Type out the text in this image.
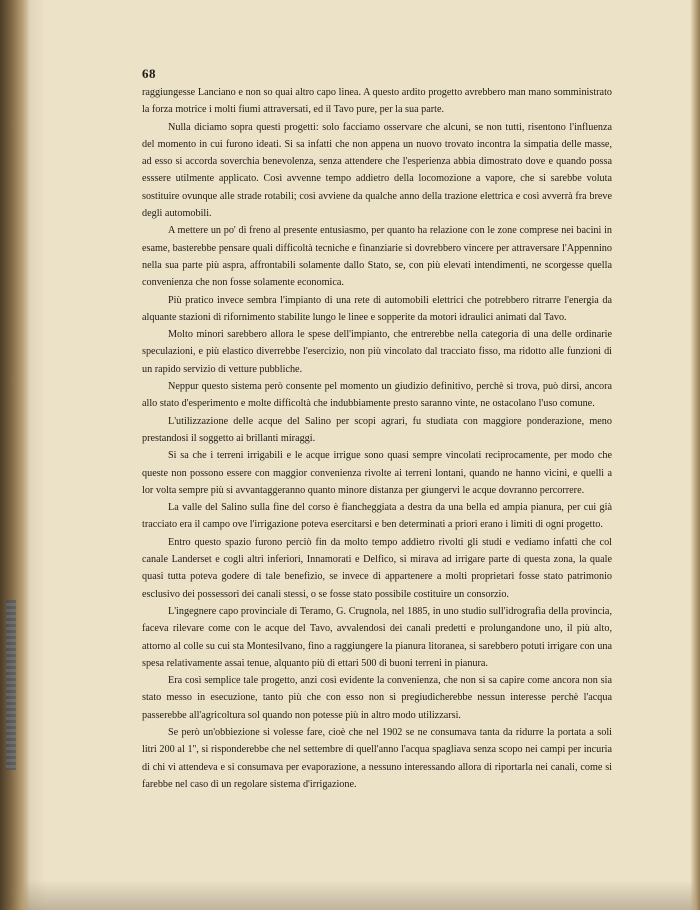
68

raggiungesse Lanciano e non so quai altro capo linea. A questo ardito progetto avrebbero man mano somministrato la forza motrice i molti fiumi attraversati, ed il Tavo pure, per la sua parte.

Nulla diciamo sopra questi progetti: solo facciamo osservare che alcuni, se non tutti, risentono l'influenza del momento in cui furono ideati. Si sa infatti che non appena un nuovo trovato incontra la simpatia delle masse, ad esso si accorda soverchia benevolenza, senza attendere che l'esperienza abbia dimostrato dove e quando possa esssere utilmente applicato. Così avvenne tempo addietro della locomozione a vapore, che si sarebbe voluta sostituire ovunque alle strade rotabili; così avviene da qualche anno della trazione elettrica e così avverrà fra breve degli automobili.

A mettere un po' di freno al presente entusiasmo, per quanto ha relazione con le zone comprese nei bacini in esame, basterebbe pensare quali difficoltà tecniche e finanziarie si dovrebbero vincere per attraversare l'Appennino nella sua parte più aspra, affrontabili solamente dallo Stato, se, con più elevati intendimenti, ne scorgesse quella convenienza che non fosse solamente economica.

Più pratico invece sembra l'impianto di una rete di automobili elettrici che potrebbero ritrarre l'energia da alquante stazioni di rifornimento stabilite lungo le linee e sopperite da motori idraulici animati dal Tavo.

Molto minori sarebbero allora le spese dell'impianto, che entrerebbe nella categoria di una delle ordinarie speculazioni, e più elastico diverrebbe l'esercizio, non più vincolato dal tracciato fisso, ma ridotto alle funzioni di un rapido servizio di vetture pubbliche.

Neppur questo sistema però consente pel momento un giudizio definitivo, perchè si trova, può dirsi, ancora allo stato d'esperimento e molte difficoltà che indubbiamente presto saranno vinte, ne ostacolano l'uso comune.

L'utilizzazione delle acque del Salino per scopi agrari, fu studiata con maggiore ponderazione, meno prestandosi il soggetto ai brillanti miraggi.

Si sa che i terreni irrigabili e le acque irrigue sono quasi sempre vincolati reciprocamente, per modo che queste non possono essere con maggior convenienza rivolte ai terreni lontani, quando ne hanno vicini, e quelli a lor volta sempre più si avvantaggeranno quanto minore distanza per giungervi le acque dovranno percorrere.

La valle del Salino sulla fine del corso è fiancheggiata a destra da una bella ed ampia pianura, per cui già tracciato era il campo ove l'irrigazione poteva esercitarsi e ben determinati a priori erano i limiti di ogni progetto.

Entro questo spazio furono perciò fin da molto tempo addietro rivolti gli studi e vediamo infatti che col canale Landerset e cogli altri inferiori, Innamorati e Delfico, si mirava ad irrigare parte di questa zona, la quale quasi tutta poteva godere di tale benefizio, se invece di appartenere a molti proprietari fosse stato patrimonio esclusivo dei possessori dei canali stessi, o se fosse stato possibile costituire un consorzio.

L'ingegnere capo provinciale di Teramo, G. Crugnola, nel 1885, in uno studio sull'idrografia della provincia, faceva rilevare come con le acque del Tavo, avvalendosi dei canali predetti e prolungandone uno, il più alto, attorno al colle su cui sta Montesilvano, fino a raggiungere la pianura litoranea, si sarebbero potuti irrigare con una spesa relativamente assai tenue, alquanto più di ettari 500 di buoni terreni in pianura.

Era così semplice tale progetto, anzi così evidente la convenienza, che non si sa capire come ancora non sia stato messo in esecuzione, tanto più che con esso non si pregiudicherebbe nessun interesse perchè l'acqua passerebbe all'agricoltura sol quando non potesse più in altro modo utilizzarsi.

Se però un'obbiezione si volesse fare, cioè che nel 1902 se ne consumava tanta da ridurre la portata a soli litri 200 al 1'', si risponderebbe che nel settembre di quell'anno l'acqua spagliava senza scopo nei campi per incuria di chi vi attendeva e si consumava per evaporazione, a nessuno interessando allora di riportarla nei canali, come si farebbe nel caso di un regolare sistema d'irrigazione.
